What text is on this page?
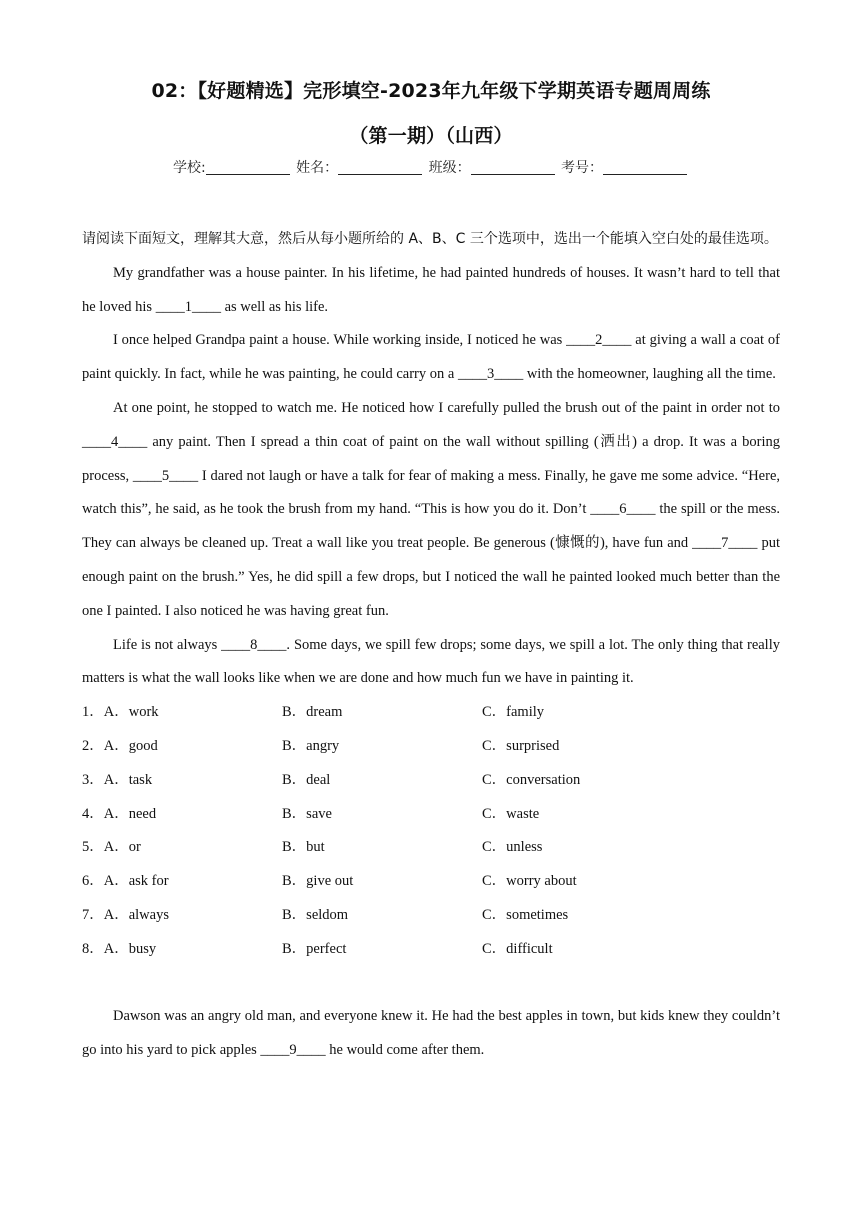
02：【好题精选】完形填空-2023年九年级下学期英语专题周周练
（第一期）（山西）
学校:	姓名：	班级：	考号：

请阅读下面短文，理解其大意，然后从每小题所给的 A、B、C 三个选项中，选出一个能填入空白处的最佳选项。

My grandfather was a house painter. In his lifetime, he had painted hundreds of houses. It wasn’t hard to tell that he loved his ____1____ as well as his life.

I once helped Grandpa paint a house. While working inside, I noticed he was ____2____ at giving a wall a coat of paint quickly. In fact, while he was painting, he could carry on a ____3____ with the homeowner, laughing all the time.

At one point, he stopped to watch me. He noticed how I carefully pulled the brush out of the paint in order not to ____4____ any paint. Then I spread a thin coat of paint on the wall without spilling (洒出) a drop. It was a boring process, ____5____ I dared not laugh or have a talk for fear of making a mess. Finally, he gave me some advice. “Here, watch this”, he said, as he took the brush from my hand. “This is how you do it. Don’t ____6____ the spill or the mess. They can always be cleaned up. Treat a wall like you treat people. Be generous (慷慨的), have fun and ____7____ put enough paint on the brush.” Yes, he did spill a few drops, but I noticed the wall he painted looked much better than the one I painted. I also noticed he was having great fun.

Life is not always ____8____. Some days, we spill few drops; some days, we spill a lot. The only thing that really matters is what the wall looks like when we are done and how much fun we have in painting it.

1．A．work	B．dream	C．family
2．A．good	B．angry	C．surprised
3．A．task	B．deal	C．conversation
4．A．need	B．save	C．waste
5．A．or	B．but	C．unless
6．A．ask for	B．give out	C．worry about
7．A．always	B．seldom	C．sometimes
8．A．busy	B．perfect	C．difficult

Dawson was an angry old man, and everyone knew it. He had the best apples in town, but kids knew they couldn’t go into his yard to pick apples ____9____ he would come after them.
